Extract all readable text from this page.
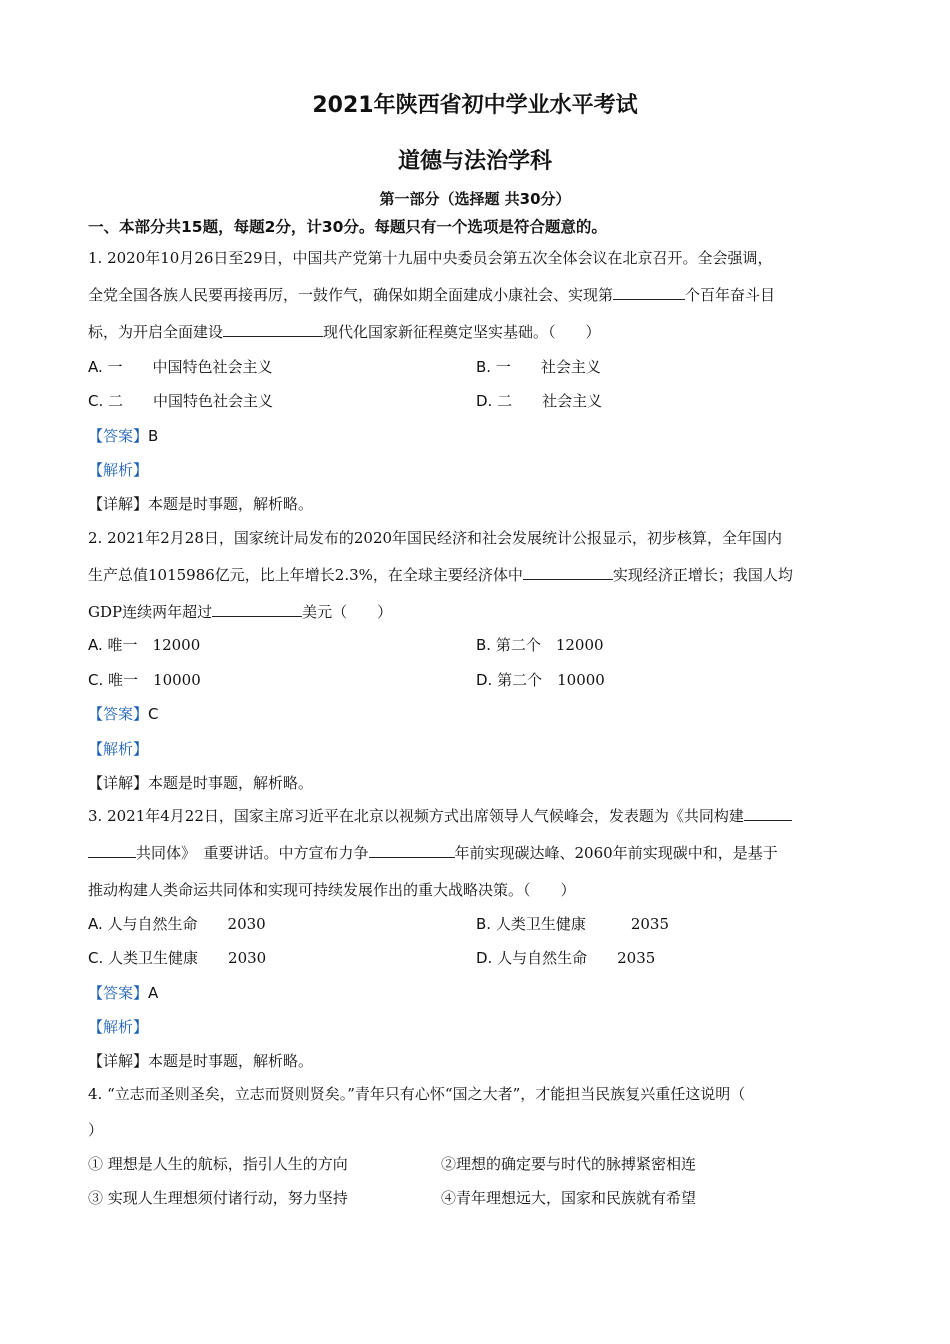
2021年陕西省初中学业水平考试
道德与法治学科
第一部分（选择题 共30分）
一、本部分共15题，每题2分，计30分。每题只有一个选项是符合题意的。
1. 2020年10月26日至29日，中国共产党第十九届中央委员会第五次全体会议在北京召开。全会强调，
全党全国各族人民要再接再厉，一鼓作气，确保如期全面建成小康社会、实现第	个百年奋斗目
标，为开启全面建设	现代化国家新征程奠定坚实基础。（　　）
A. 一　　中国特色社会主义	B. 一　　社会主义
C. 二　　中国特色社会主义	D. 二　　社会主义
【答案】B
【解析】
【详解】本题是时事题，解析略。
2. 2021年2月28日，国家统计局发布的2020年国民经济和社会发展统计公报显示，初步核算，全年国内
生产总值1015986亿元，比上年增长2.3%，在全球主要经济体中	实现经济正增长；我国人均
GDP连续两年超过	美元（　　）
A. 唯一　12000	B. 第二个　12000
C. 唯一　10000	D. 第二个　10000
【答案】C
【解析】
【详解】本题是时事题，解析略。
3. 2021年4月22日，国家主席习近平在北京以视频方式出席领导人气候峰会，发表题为《共同构建
共同体》　重要讲话。中方宣布力争	年前实现碳达峰、2060年前实现碳中和，是基于
推动构建人类命运共同体和实现可持续发展作出的重大战略决策。（　　）
A. 人与自然生命　　2030	B. 人类卫生健康　　　2035
C. 人类卫生健康　　2030	D. 人与自然生命　　2035
【答案】A
【解析】
【详解】本题是时事题，解析略。
4. “立志而圣则圣矣，立志而贤则贤矣。”青年只有心怀“国之大者”，才能担当民族复兴重任这说明（
）
① 理想是人生的航标，指引人生的方向	②理想的确定要与时代的脉搏紧密相连
③ 实现人生理想须付诸行动，努力坚持	④青年理想远大，国家和民族就有希望
